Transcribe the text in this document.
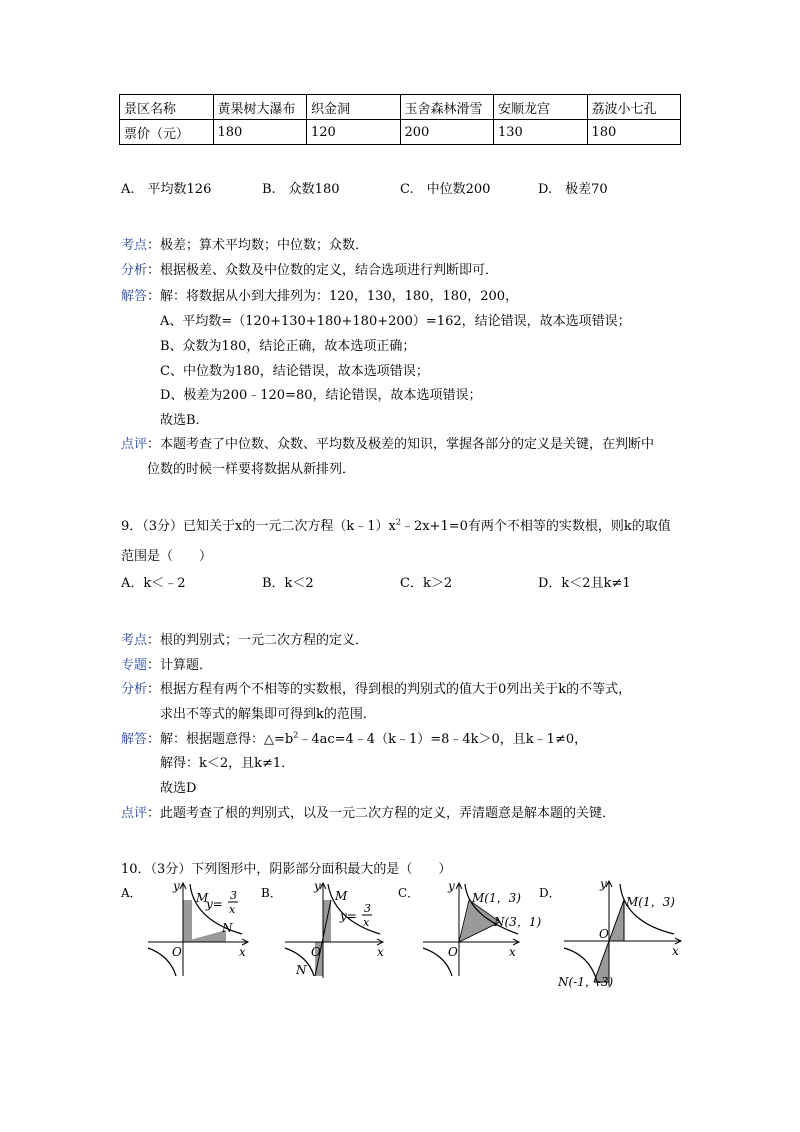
景区名称	黄果树大瀑布	织金洞	玉舍森林滑雪	安顺龙宫	荔波小七孔
票价（元）	180	120	200	130	180
A.　平均数126	B.　众数180	C.　中位数200	D.　极差70
考点：极差；算术平均数；中位数；众数．
分析：根据极差、众数及中位数的定义，结合选项进行判断即可．
解答：解：将数据从小到大排列为：120，130，180，180，200，
A、平均数=（120+130+180+180+200）=162，结论错误，故本选项错误；
B、众数为180，结论正确，故本选项正确；
C、中位数为180，结论错误，故本选项错误；
D、极差为200﹣120=80，结论错误，故本选项错误；
故选B．
点评：本题考查了中位数、众数、平均数及极差的知识，掌握各部分的定义是关键，在判断中
位数的时候一样要将数据从新排列．
9．（3分）已知关于x的一元二次方程$(k﹣1)x^2﹣2x+1=0$有两个不相等的实数根，则k的取值
范围是（　　）
A．k＜﹣2	B．k＜2	C．k＞2	D．k＜2且k≠1
考点：根的判别式；一元二次方程的定义．
专题：计算题．
分析：根据方程有两个不相等的实数根，得到根的判别式的值大于0列出关于k的不等式，
求出不等式的解集即可得到k的范围．
解答：解：根据题意得：$\triangle=b^2﹣4ac=4﹣4(k﹣1)=8﹣4k>0$，且k﹣1≠0，
解得：k＜2，且k≠1．
故选D
点评：此题考查了根的判别式，以及一元二次方程的定义，弄清题意是解本题的关键．
10．（3分）下列图形中，阴影部分面积最大的是（　　）
A．	y
x
O
M
N
y=
3
x
B．	y
x
O
M
N
y=
3
x
C． y
x
O
M(1，3)
N(3，1)
D．
y
x
O
M(1，3)
N(-1，-3)
